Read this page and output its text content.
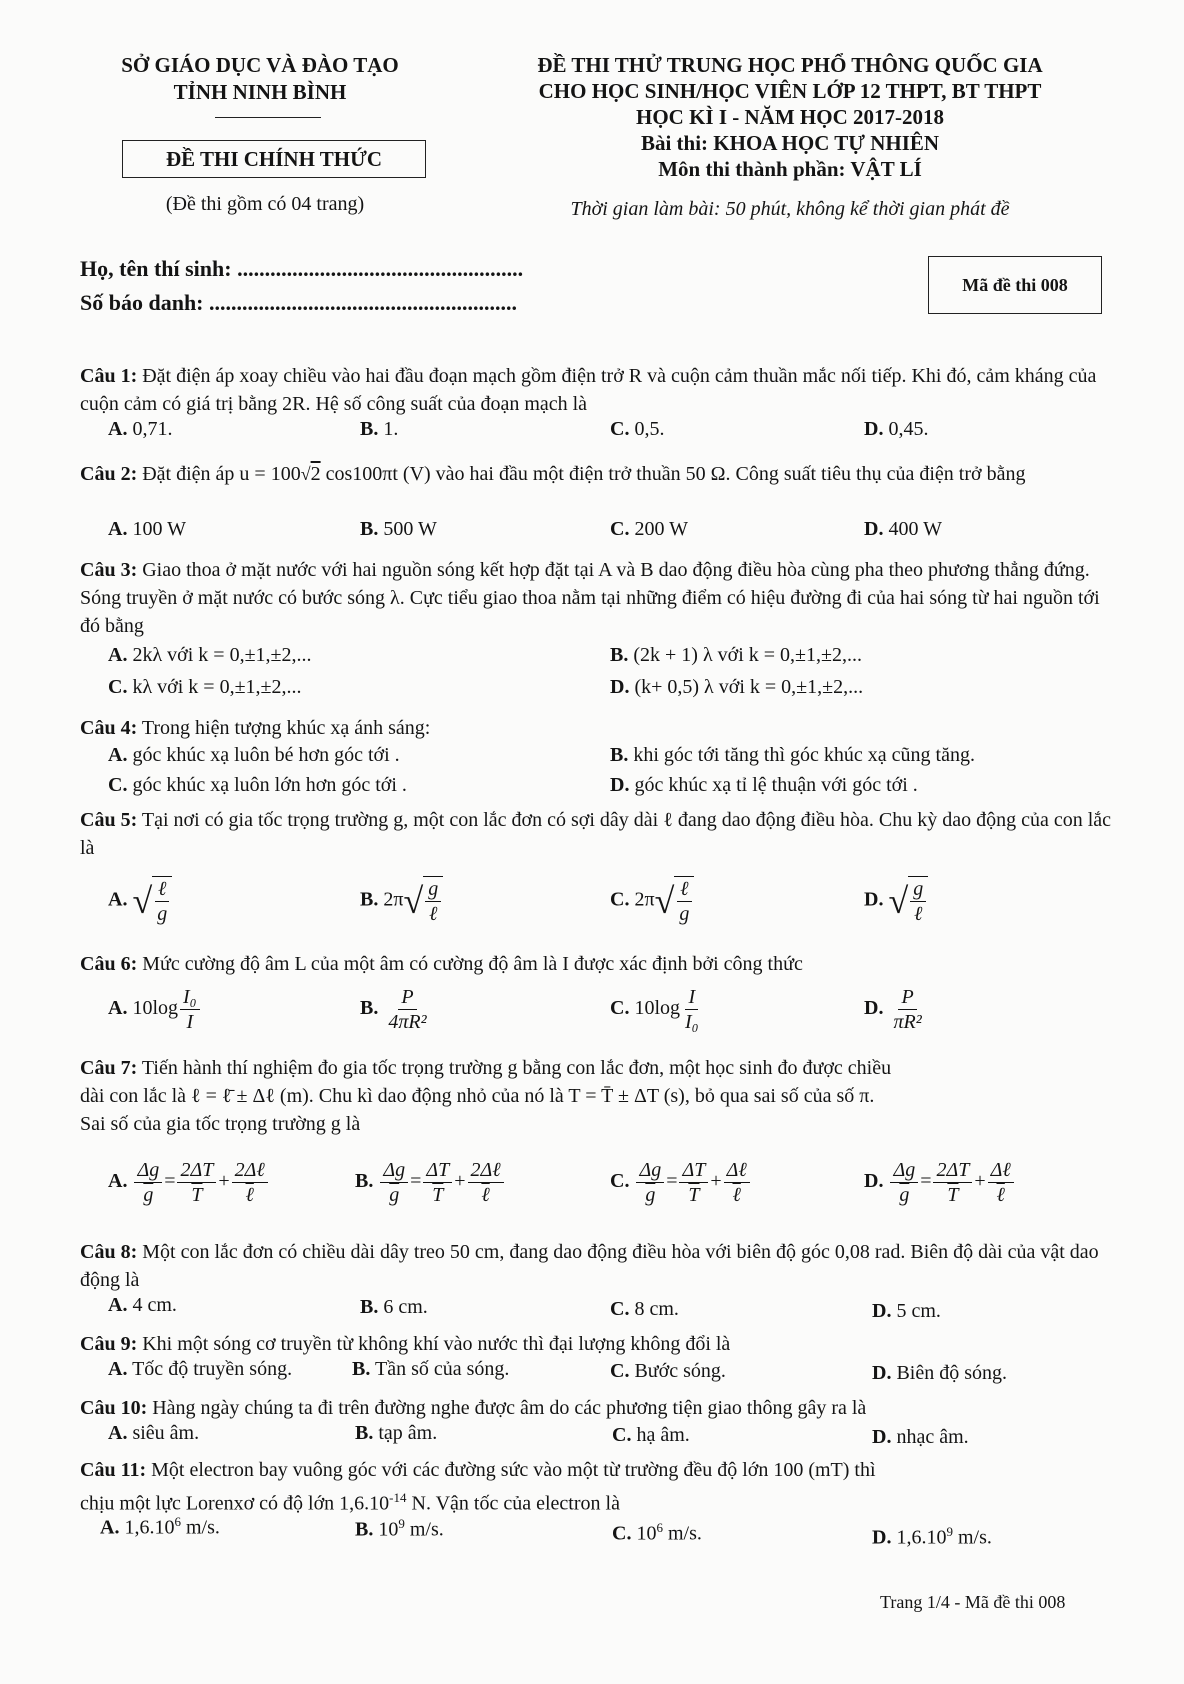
SỞ GIÁO DỤC VÀ ĐÀO TẠO
TỈNH NINH BÌNH
ĐỀ THI CHÍNH THỨC
(Đề thi gồm có 04 trang)
ĐỀ THI THỬ TRUNG HỌC PHỔ THÔNG QUỐC GIA
CHO HỌC SINH/HỌC VIÊN LỚP 12 THPT, BT THPT
HỌC KÌ I - NĂM HỌC 2017-2018
Bài thi: KHOA HỌC TỰ NHIÊN
Môn thi thành phần: VẬT LÍ
Thời gian làm bài: 50 phút, không kể thời gian phát đề
Họ, tên thí sinh: ....................................................
Số báo danh: ........................................................
Mã đề thi 008
Câu 1: Đặt điện áp xoay chiều vào hai đầu đoạn mạch gồm điện trở R và cuộn cảm thuần mắc nối tiếp. Khi đó, cảm kháng của cuộn cảm có giá trị bằng 2R. Hệ số công suất của đoạn mạch là
A. 0,71.	B. 1.	C. 0,5.	D. 0,45.
Câu 2: Đặt điện áp u = 100√2 cos100πt (V) vào hai đầu một điện trở thuần 50 Ω. Công suất tiêu thụ của điện trở bằng
A. 100 W	B. 500 W	C. 200 W	D. 400 W
Câu 3: Giao thoa ở mặt nước với hai nguồn sóng kết hợp đặt tại A và B dao động điều hòa cùng pha theo phương thẳng đứng. Sóng truyền ở mặt nước có bước sóng λ. Cực tiểu giao thoa nằm tại những điểm có hiệu đường đi của hai sóng từ hai nguồn tới đó bằng
A. 2kλ với k = 0,±1,±2,...	B. (2k + 1) λ với k = 0,±1,±2,...
C. kλ với k = 0,±1,±2,...	D. (k+ 0,5) λ với k = 0,±1,±2,...
Câu 4: Trong hiện tượng khúc xạ ánh sáng:
A. góc khúc xạ luôn bé hơn góc tới .	B. khi góc tới tăng thì góc khúc xạ cũng tăng.
C. góc khúc xạ luôn lớn hơn góc tới .	D. góc khúc xạ tỉ lệ thuận với góc tới .
Câu 5: Tại nơi có gia tốc trọng trường g, một con lắc đơn có sợi dây dài ℓ đang dao động điều hòa. Chu kỳ dao động của con lắc là
A. √ $\frac{\text{ℓ}}{g}$	B. 2π √ $\frac{g}{\text{ℓ}}$	C. 2π √ $\frac{\text{ℓ}}{g}$	D. √ $\frac{g}{\text{ℓ}}$
Câu 6: Mức cường độ âm L của một âm có cường độ âm là I được xác định bởi công thức
A. $10\log \frac{\text{I₀}}{I}$	B. $\frac{P}{\text{4πR²}}$	C. $10\log \frac{I}{\text{I₀}}$	D. $\frac{P}{\text{πR²}}$
Câu 7: Tiến hành thí nghiệm đo gia tốc trọng trường g bằng con lắc đơn, một học sinh đo được chiều
dài con lắc là ℓ = ℓ̄ ± Δℓ (m). Chu kì dao động nhỏ của nó là T = T̄ ± ΔT (s), bỏ qua sai số của số π.
Sai số của gia tốc trọng trường g là
A. $\frac{\Delta g}{g} = \frac{2\Delta T}{T} + \frac{\text{2Δℓ}}{\text{ℓ}}$	B. $\frac{\Delta g}{g} = \frac{\Delta T}{T} + \frac{\text{2Δℓ}}{\text{ℓ}}$	C. $\frac{\Delta g}{g} = \frac{\Delta T}{T} + \frac{\text{Δℓ}}{\text{ℓ}}$	D. $\frac{\Delta g}{g} = \frac{2\Delta T}{T} + \frac{\text{Δℓ}}{\text{ℓ}}$
Câu 8: Một con lắc đơn có chiều dài dây treo 50 cm, đang dao động điều hòa với biên độ góc 0,08 rad. Biên độ dài của vật dao động là
A. 4 cm.	B. 6 cm.	C. 8 cm.	D. 5 cm.
Câu 9: Khi một sóng cơ truyền từ không khí vào nước thì đại lượng không đổi là
A. Tốc độ truyền sóng.	B. Tần số của sóng.	C. Bước sóng.	D. Biên độ sóng.
Câu 10: Hàng ngày chúng ta đi trên đường nghe được âm do các phương tiện giao thông gây ra là
A. siêu âm.	B. tạp âm.	C. hạ âm.	D. nhạc âm.
Câu 11: Một electron bay vuông góc với các đường sức vào một từ trường đều độ lớn 100 (mT) thì
chịu một lực Lorenxơ có độ lớn $1,6.10^{-14}$ N. Vận tốc của electron là
A. 1,6.10$^6$ m/s.	B. $10^9$ m/s.	C. $10^6$ m/s.	D. 1,6.10$^9$ m/s.
Trang 1/4 - Mã đề thi 008
